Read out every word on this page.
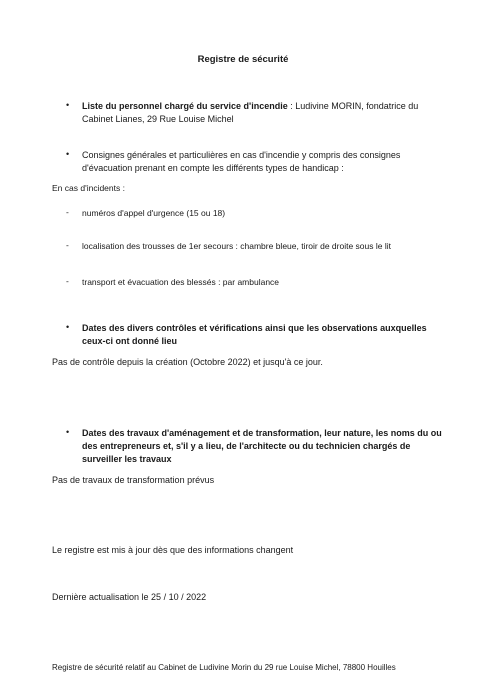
Registre de sécurité
• Liste du personnel chargé du service d'incendie : Ludivine MORIN, fondatrice du Cabinet Lianes, 29 Rue Louise Michel
• Consignes générales et particulières en cas d'incendie y compris des consignes d'évacuation prenant en compte les différents types de handicap :
En cas d'incidents :
- numéros d'appel d'urgence (15 ou 18)
- localisation des trousses de 1er secours : chambre bleue, tiroir de droite sous le lit
- transport et évacuation des blessés : par ambulance
• Dates des divers contrôles et vérifications ainsi que les observations auxquelles ceux-ci ont donné lieu
Pas de contrôle depuis la création (Octobre 2022) et jusqu'à ce jour.
• Dates des travaux d'aménagement et de transformation, leur nature, les noms du ou des entrepreneurs et, s'il y a lieu, de l'architecte ou du technicien chargés de surveiller les travaux
Pas de travaux de transformation prévus
Le registre est mis à jour dès que des informations changent
Dernière actualisation le 25 / 10 / 2022
Registre de sécurité relatif au Cabinet de Ludivine Morin du 29 rue Louise Michel, 78800 Houilles
